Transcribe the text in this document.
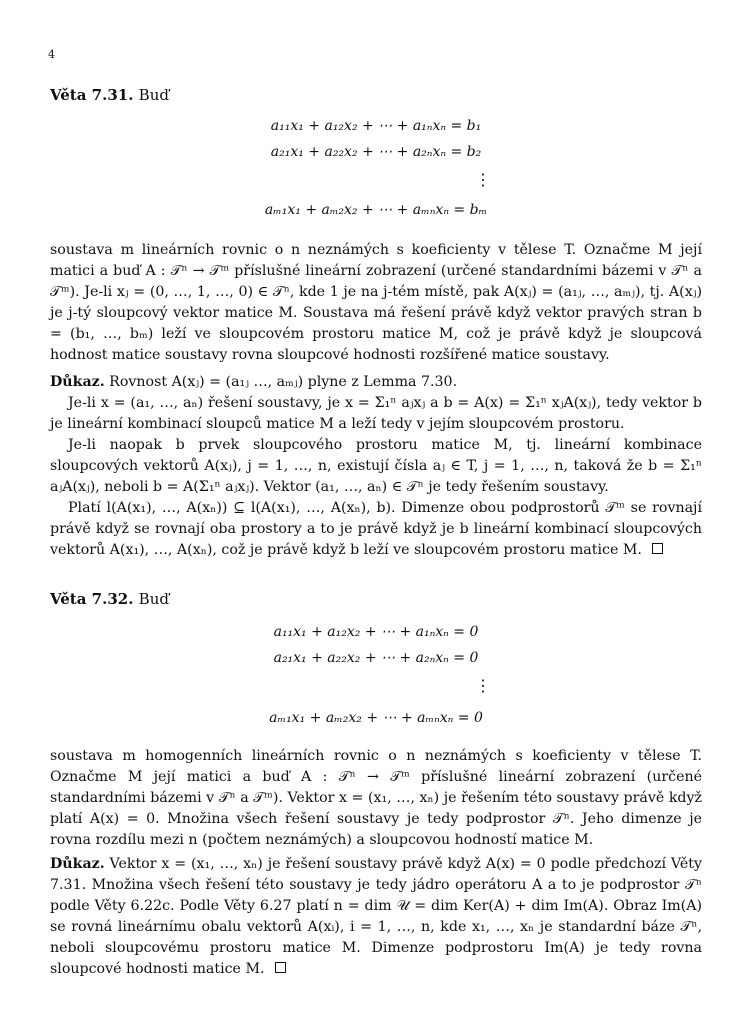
4

Věta 7.31. Buď

a₁₁x₁ + a₁₂x₂ + ⋯ + a₁ₙxₙ = b₁
a₂₁x₁ + a₂₂x₂ + ⋯ + a₂ₙxₙ = b₂
⋮
aₘ₁x₁ + aₘ₂x₂ + ⋯ + aₘₙxₙ = bₘ

soustava m lineárních rovnic o n neznámých s koeficienty v tělese T. Označme M její matici a buď A : 𝒯ⁿ → 𝒯ᵐ příslušné lineární zobrazení (určené standardními bázemi v 𝒯ⁿ a 𝒯ᵐ). Je-li xⱼ = (0, …, 1, …, 0) ∈ 𝒯ⁿ, kde 1 je na j-tém místě, pak A(xⱼ) = (a₁ⱼ, …, aₘⱼ), tj. A(xⱼ) je j-tý sloupcový vektor matice M. Soustava má řešení právě když vektor pravých stran b = (b₁, …, bₘ) leží ve sloupcovém prostoru matice M, což je právě když je sloupcová hodnost matice soustavy rovna sloupcové hodnosti rozšířené matice soustavy.

Důkaz. Rovnost A(xⱼ) = (a₁ⱼ …, aₘⱼ) plyne z Lemma 7.30.

Je-li x = (a₁, …, aₙ) řešení soustavy, je x = Σ₁ⁿ aⱼxⱼ a b = A(x) = Σ₁ⁿ xⱼA(xⱼ), tedy vektor b je lineární kombinací sloupců matice M a leží tedy v jejím sloupcovém prostoru.

Je-li naopak b prvek sloupcového prostoru matice M, tj. lineární kombinace sloupcových vektorů A(xⱼ), j = 1, …, n, existují čísla aⱼ ∈ T, j = 1, …, n, taková že b = Σ₁ⁿ aⱼA(xⱼ), neboli b = A(Σ₁ⁿ aⱼxⱼ). Vektor (a₁, …, aₙ) ∈ 𝒯ⁿ je tedy řešením soustavy.

Platí l(A(x₁), …, A(xₙ)) ⊆ l(A(x₁), …, A(xₙ), b). Dimenze obou podprostorů 𝒯ᵐ se rovnají právě když se rovnají oba prostory a to je právě když je b lineární kombinací sloupcových vektorů A(x₁), …, A(xₙ), což je právě když b leží ve sloupcovém prostoru matice M.

Věta 7.32. Buď

a₁₁x₁ + a₁₂x₂ + ⋯ + a₁ₙxₙ = 0
a₂₁x₁ + a₂₂x₂ + ⋯ + a₂ₙxₙ = 0
⋮
aₘ₁x₁ + aₘ₂x₂ + ⋯ + aₘₙxₙ = 0

soustava m homogenních lineárních rovnic o n neznámých s koeficienty v tělese T. Označme M její matici a buď A : 𝒯ⁿ → 𝒯ᵐ příslušné lineární zobrazení (určené standardními bázemi v 𝒯ⁿ a 𝒯ᵐ). Vektor x = (x₁, …, xₙ) je řešením této soustavy právě když platí A(x) = 0. Množina všech řešení soustavy je tedy podprostor 𝒯ⁿ. Jeho dimenze je rovna rozdílu mezi n (počtem neznámých) a sloupcovou hodností matice M.

Důkaz. Vektor x = (x₁, …, xₙ) je řešení soustavy právě když A(x) = 0 podle předchozí Věty 7.31. Množina všech řešení této soustavy je tedy jádro operátoru A a to je podprostor 𝒯ⁿ podle Věty 6.22c. Podle Věty 6.27 platí n = dim 𝒰 = dim Ker(A) + dim Im(A). Obraz Im(A) se rovná lineárnímu obalu vektorů A(xᵢ), i = 1, …, n, kde x₁, …, xₙ je standardní báze 𝒯ⁿ, neboli sloupcovému prostoru matice M. Dimenze podprostoru Im(A) je tedy rovna sloupcové hodnosti matice M.
